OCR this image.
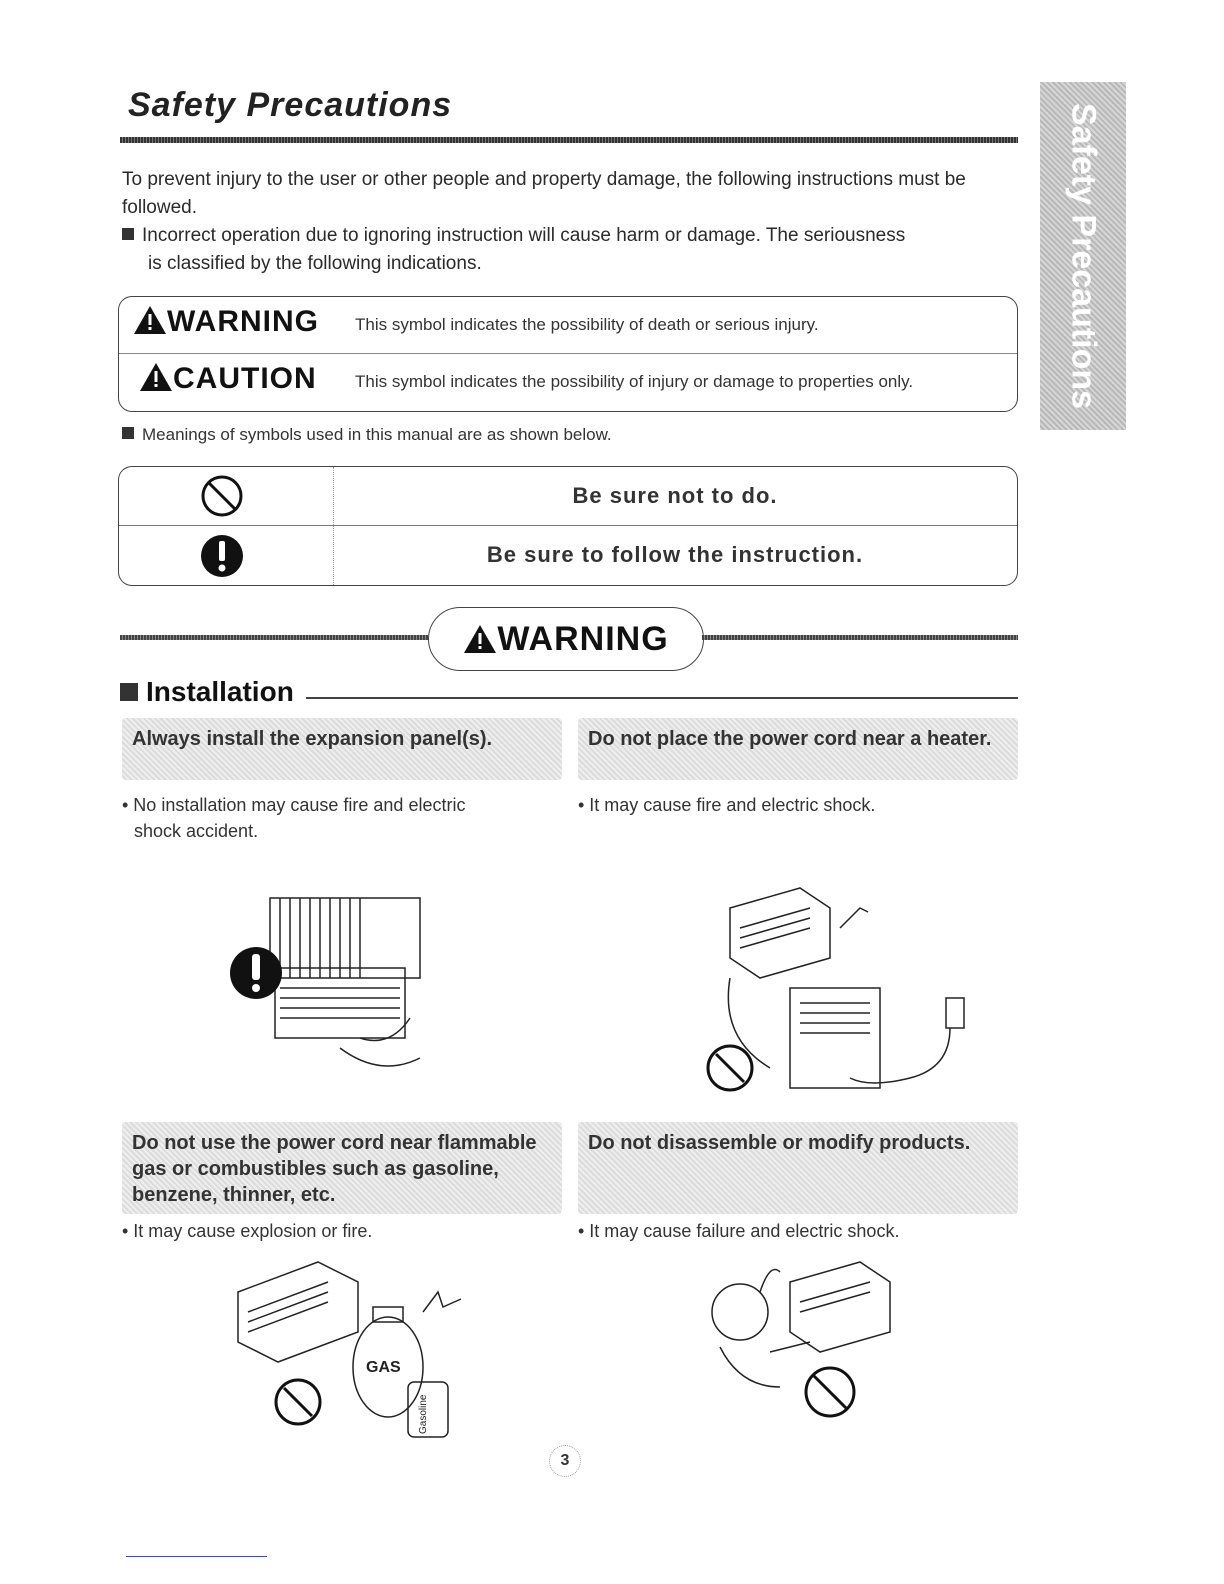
Safety Precautions	Safety Precautions
To prevent injury to the user or other people and property damage, the following instructions must be followed.
Incorrect operation due to ignoring instruction will cause harm or damage. The seriousness
is classified by the following indications.
WARNING This symbol indicates the possibility of death or serious injury.
CAUTION This symbol indicates the possibility of injury or damage to properties only.
Meanings of symbols used in this manual are as shown below.
Be sure not to do.
Be sure to follow the instruction.
WARNING
Installation
Always install the expansion panel(s).
• No installation may cause fire and electric
shock accident.
Do not place the power cord near a heater.
• It may cause fire and electric shock.
Do not use the power cord near flammable gas or combustibles such as gasoline, benzene, thinner, etc.
• It may cause explosion or fire.
GAS
Gasoline
Do not disassemble or modify products.
• It may cause failure and electric shock.
3
